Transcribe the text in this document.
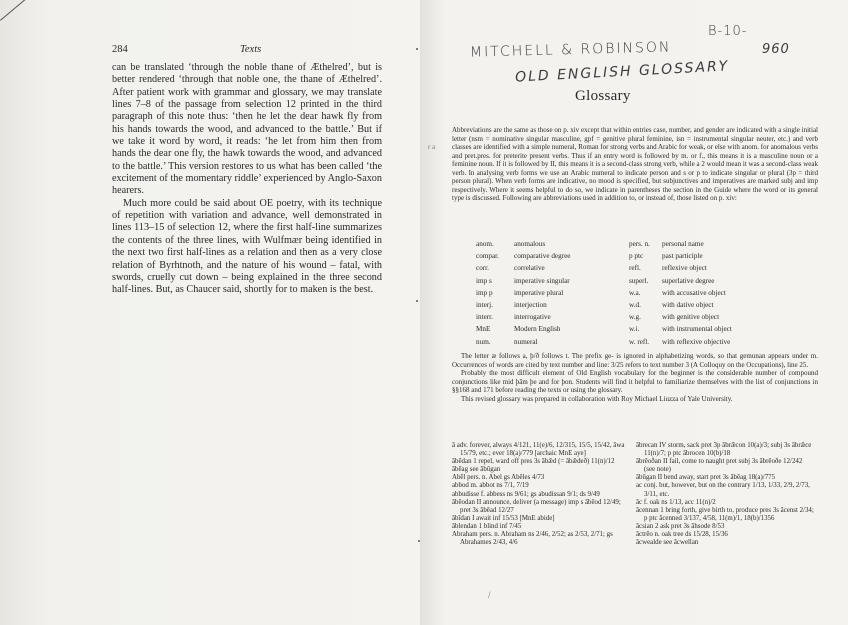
284	Texts

can be translated ‘through the noble thane of Æthelred’, but is better rendered ‘through that noble one, the thane of Æthelred’. After patient work with grammar and glossary, we may translate lines 7–8 of the passage from selection 12 printed in the third paragraph of this note thus: ‘then he let the dear hawk fly from his hands towards the wood, and advanced to the battle.’ But if we take it word by word, it reads: ‘he let from him then from hands the dear one fly, the hawk towards the wood, and advanced to the battle.’ This version restores to us what has been called ‘the excitement of the momentary riddle’ experienced by Anglo-Saxon hearers.

Much more could be said about OE poetry, with its technique of repetition with variation and advance, well demonstrated in lines 113–15 of selection 12, where the first half-line summarizes the contents of the three lines, with Wulfmær being identified in the next two first half-lines as a relation and then as a very close relation of Byrhtnoth, and the nature of his wound – fatal, with swords, cruelly cut down – being explained in the three second half-lines. But, as Chaucer said, shortly for to maken is the best.

MITCHELL & ROBINSON
OLD ENGLISH GLOSSARY
B-10-
960
r a
Glossary

Abbreviations are the same as those on p. xiv except that within entries case, number, and gender are indicated with a single initial letter (nsm = nominative singular masculine, gpf = genitive plural feminine, isn = instrumental singular neuter, etc.) and verb classes are identified with a simple numeral, Roman for strong verbs and Arabic for weak, or else with anom. for anomalous verbs and pret.pres. for preterite present verbs. Thus if an entry word is followed by m. or f., this means it is a masculine noun or a feminine noun. If it is followed by II, this means it is a second-class strong verb, while a 2 would mean it was a second-class weak verb. In analysing verb forms we use an Arabic numeral to indicate person and s or p to indicate singular or plural (3p = third person plural). When verb forms are indicative, no mood is specified, but subjunctives and imperatives are marked subj and imp respectively. Where it seems helpful to do so, we indicate in parentheses the section in the Guide where the word or its general type is discussed. Following are abbreviations used in addition to, or instead of, those listed on p. xiv:

anom.	anomalous	pers. n.	personal name
compar.	comparative degree	p ptc	past participle
corr.	correlative	refl.	reflexive object
imp s	imperative singular	superl.	superlative degree
imp p	imperative plural	w.a.	with accusative object
interj.	interjection	w.d.	with dative object
interr.	interrogative	w.g.	with genitive object
MnE	Modern English	w.i.	with instrumental object
num.	numeral	w. refl.	with reflexive objective

The letter æ follows a, þ/ð follows t. The prefix ge- is ignored in alphabetizing words, so that gemunan appears under m. Occurrences of words are cited by text number and line: 3/25 refers to text number 3 (A Colloquy on the Occupations), line 25.

Probably the most difficult element of Old English vocabulary for the beginner is the considerable number of compound conjunctions like mid þām þe and for þon. Students will find it helpful to familiarize themselves with the list of conjunctions in §§168 and 171 before reading the texts or using the glossary.

This revised glossary was prepared in collaboration with Roy Michael Liuzza of Yale University.

ā adv. forever, always 4/121, 11(e)/6, 12/315, 15/5, 15/42, āwa 15/79, etc.; ever 18(a)/779 [archaic MnE aye]

ābēdan 1 repel, ward off pres 3s ābǣd (= ābǣdeð) 11(n)/12

ābēag see ābūgan

Abēl pers. n. Abel gs Abēles 4/73

abbod m. abbot ns 7/1, 7/19

abbudisse f. abbess ns 9/61; gs abudissan 9/1; ds 9/49

ābēodan II announce, deliver (a message) imp s ābēod 12/49; pret 3s ābēad 12/27

ābīdan I await inf 15/53 [MnE abide]

āblendan 1 blind inf 7/45

Abraham pers. n. Abraham ns 2/46, 2/52; as 2/53, 2/71; gs Abrahames 2/43, 4/6

ābrecan IV storm, sack pret 3p ābrǣcon 10(a)/3; subj 3s ābrǣce 11(n)/7; p ptc ābrocen 10(b)/18

ābrēoðan II fail, come to naught pret subj 3s ābrēoðe 12/242 (see note)

ābūgan II bend away, start pret 3s ābēag 18(a)/775

ac conj. but, however, but on the contrary 1/13, 1/33, 2/9, 2/73, 3/11, etc.

āc f. oak ns 1/13, acc 11(n)/2

ācennan 1 bring forth, give birth to, produce pres 3s ācenst 2/34; p ptc ācenned 3/137, 4/58, 11(m)/1, 18(b)/1356

ācsian 2 ask pret 3s āhsode 8/53

āctrēo n. oak tree ds 15/28, 15/36

ācwealde see ācwellan

/
